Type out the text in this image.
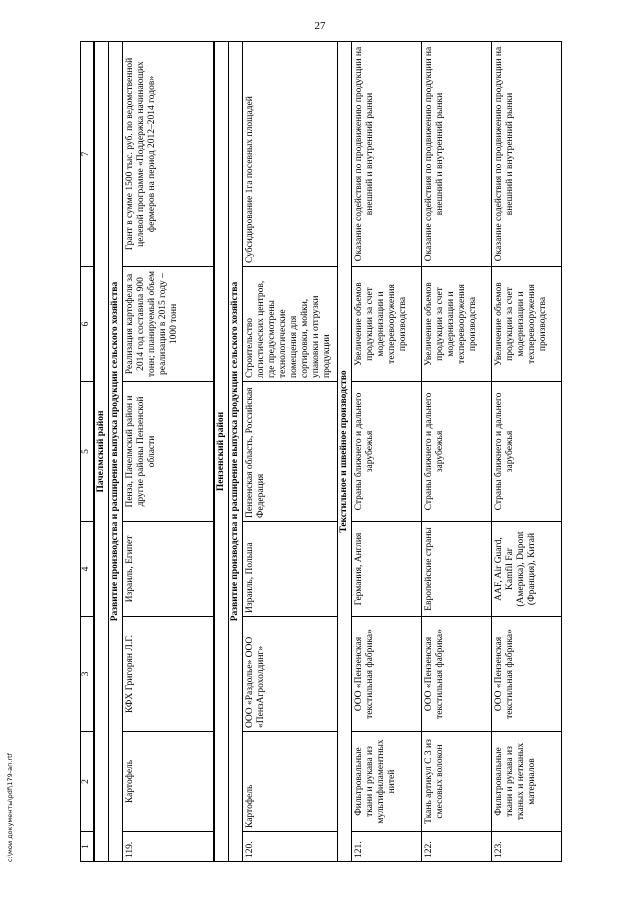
27
1	2	3	4	5	6	7
Пачелмский район						
Развитие производства и расширение выпуска продукции сельского хозяйства						
119.	Картофель	КФХ Григорян Л.Г.	Израиль, Египет	Пенза, Пачелмский район и другие районы Пензенской области	Реализация картофеля за 2014 год составила 900 тонн; планируемый объем реализации в 2015 году – 1000 тонн	Грант в сумме 1500 тыс. руб. по ведомственной целевой программе «Поддержка начинающих фермеров на период 2012–2014 годов»
Пензенский район						
Развитие производства и расширение выпуска продукции сельского хозяйства						
120.	Картофель	ООО «Раздолье» ООО «ПензАгрохолдинг»	Израиль, Польша	Пензенская область, Российская Федерация	Строительство логистических центров, где предусмотрены технологические помещения для сортировки, мойки, упаковки и отгрузки продукции	Субсидирование 1га посевных площадей
Текстильное и швейное производство						
121.	Фильтровальные ткани и рукава из мультифиламентных нитей	ООО «Пензенская текстильная фабрика»	Германия, Англия	Страны ближнего и дальнего зарубежья	Увеличение объемов продукции за счет модернизации и техперевооружения производства	Оказание содействия по продвижению продукции на внешний и внутренний рынки
122.	Ткань артикул С 3 из смесовых волокон	ООО «Пензенская текстильная фабрика»	Европейские страны	Страны ближнего и дальнего зарубежья	Увеличение объемов продукции за счет модернизации и техперевооружения производства	Оказание содействия по продвижению продукции на внешний и внутренний рынки
123.	Фильтровальные ткани и рукава из тканых и нетканых материалов	ООО «Пензенская текстильная фабрика»	AAF, Air Guard, Kamfil Far (Америка), Dupont (Франция), Китай	Страны ближнего и дальнего зарубежья	Увеличение объемов продукции за счет модернизации и техперевооружения производства	Оказание содействия по продвижению продукции на внешний и внутренний рынки
c:\мои документы\pdf\179-ап.rtf
